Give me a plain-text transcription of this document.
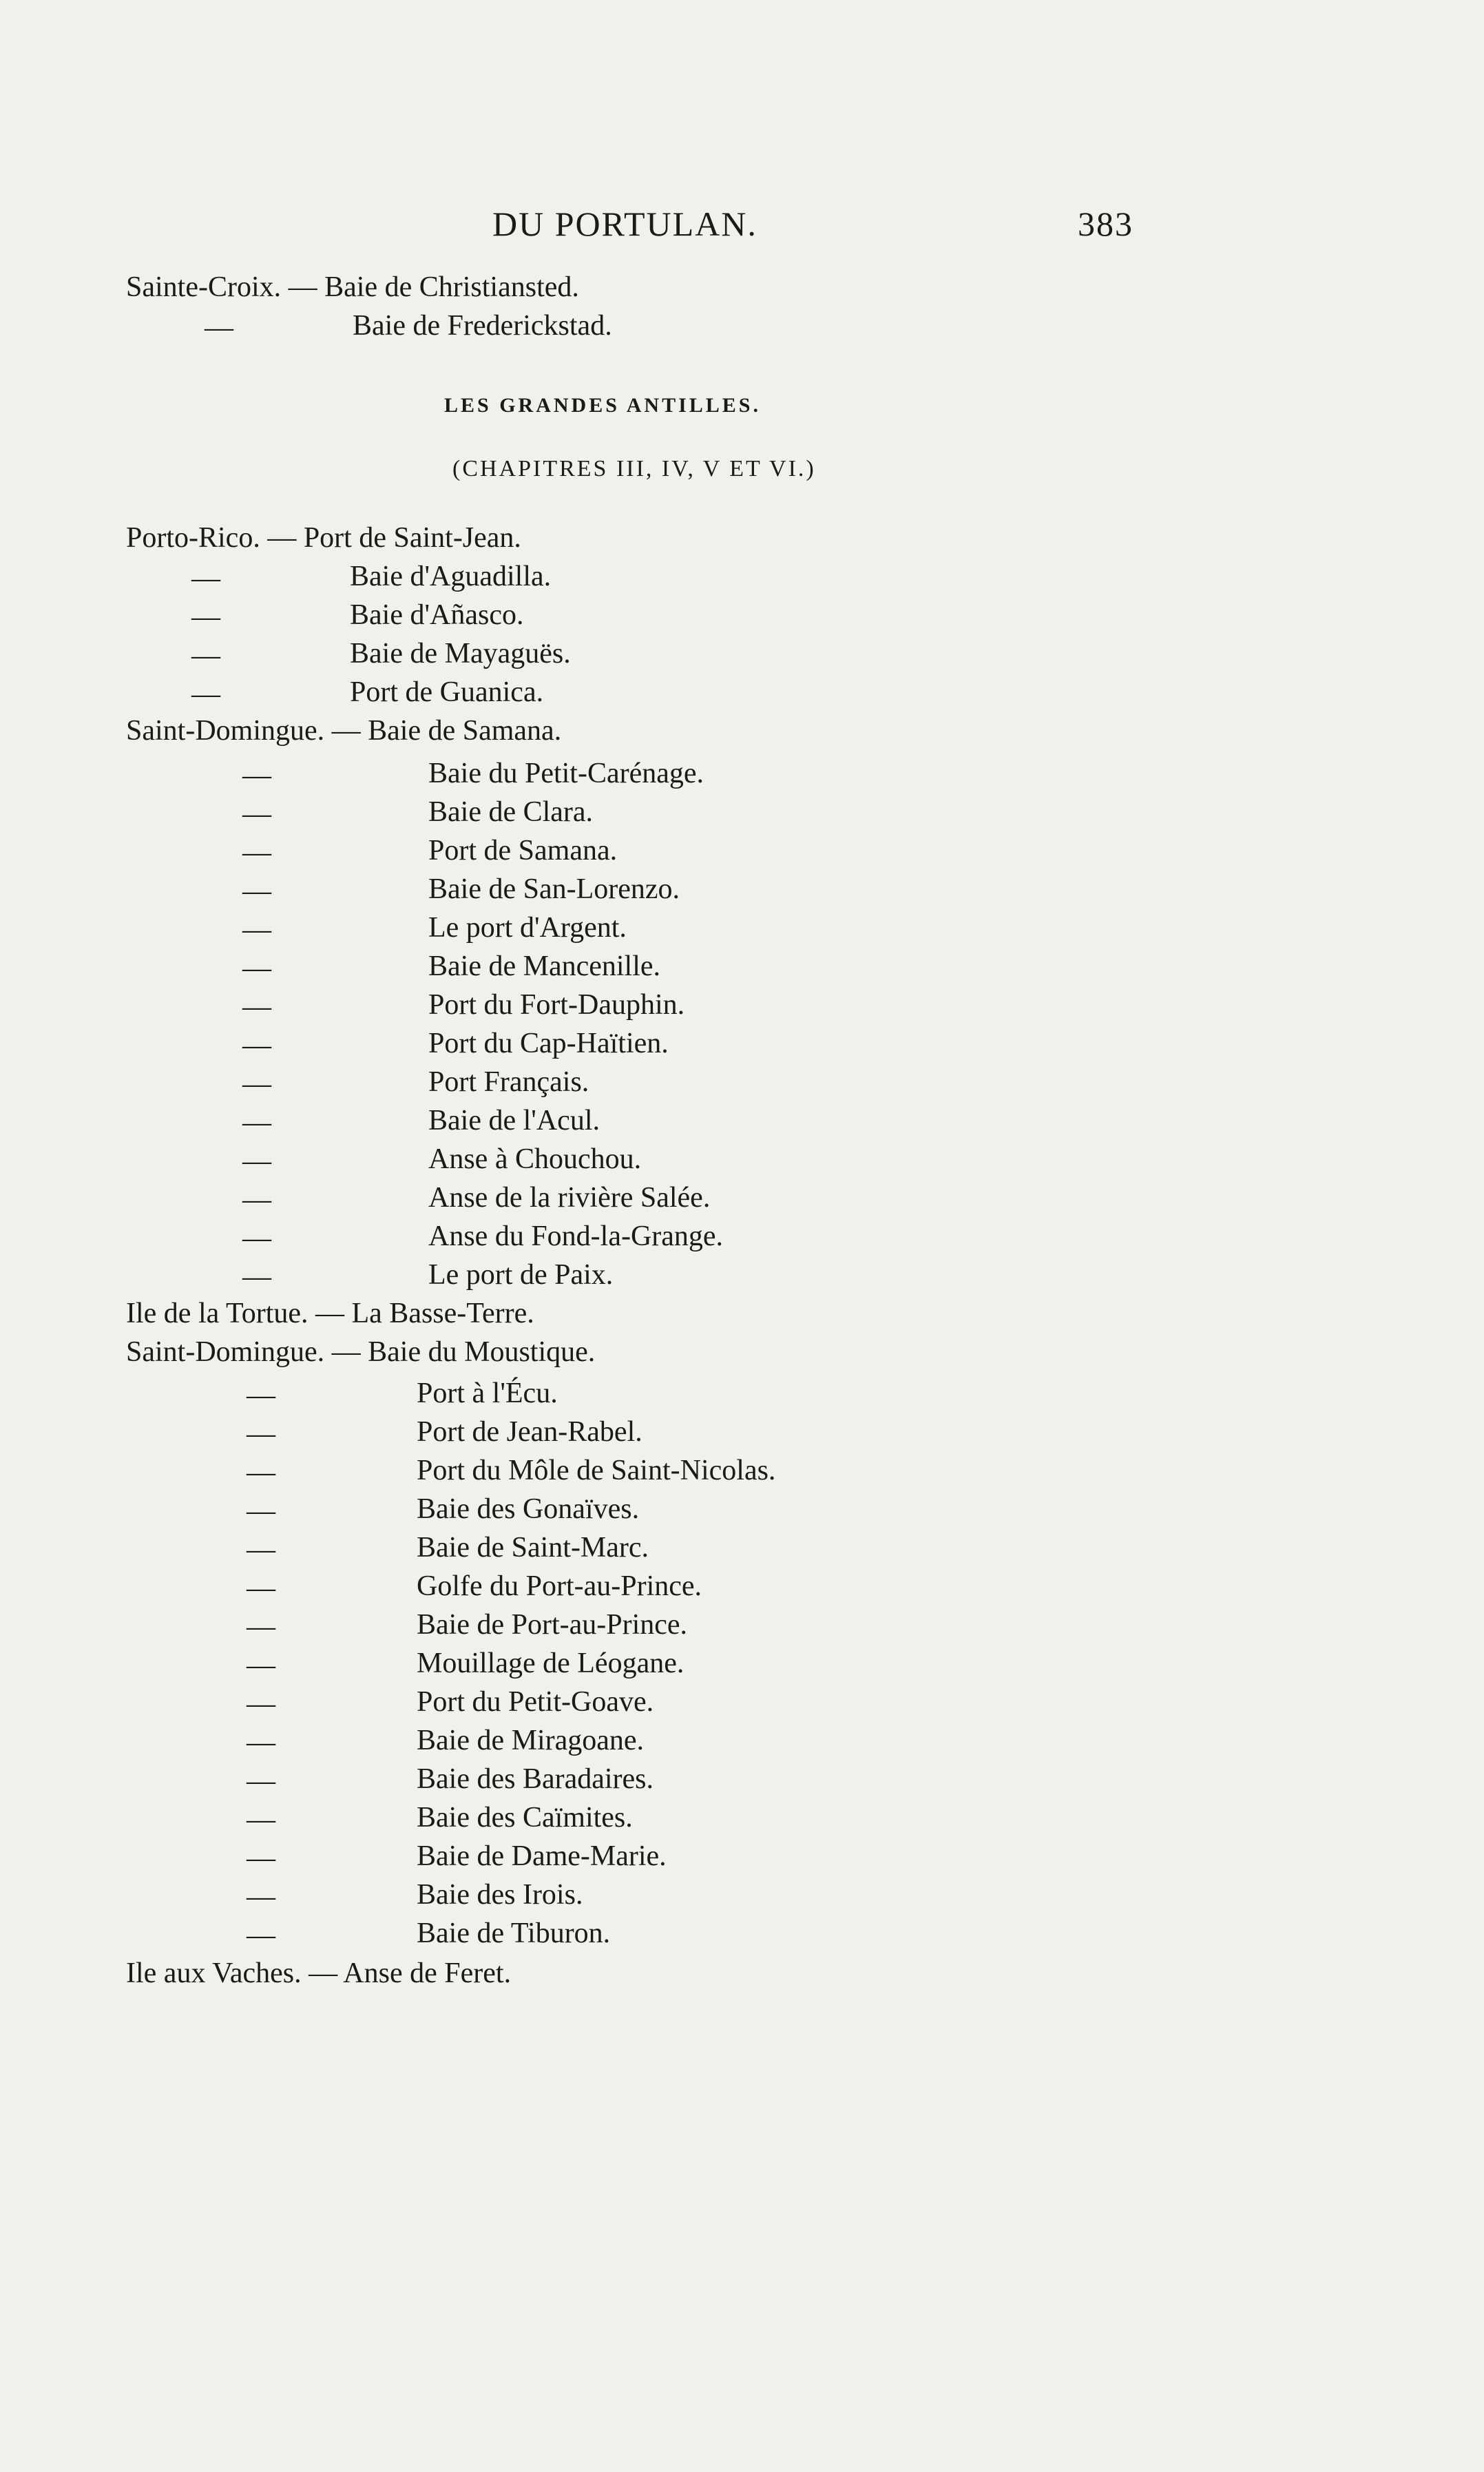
DU PORTULAN.	383
Sainte-Croix. — Baie de Christiansted.
—	Baie de Frederickstad.
LES GRANDES ANTILLES.
(CHAPITRES III, IV, V ET VI.)
Porto-Rico. — Port de Saint-Jean.
—	Baie d'Aguadilla.
—	Baie d'Añasco.
—	Baie de Mayaguës.
—	Port de Guanica.
Saint-Domingue. — Baie de Samana.
—	Baie du Petit-Carénage.
—	Baie de Clara.
—	Port de Samana.
—	Baie de San-Lorenzo.
—	Le port d'Argent.
—	Baie de Mancenille.
—	Port du Fort-Dauphin.
—	Port du Cap-Haïtien.
—	Port Français.
—	Baie de l'Acul.
—	Anse à Chouchou.
—	Anse de la rivière Salée.
—	Anse du Fond-la-Grange.
—	Le port de Paix.
Ile de la Tortue. — La Basse-Terre.
Saint-Domingue. — Baie du Moustique.
—	Port à l'Écu.
—	Port de Jean-Rabel.
—	Port du Môle de Saint-Nicolas.
—	Baie des Gonaïves.
—	Baie de Saint-Marc.
—	Golfe du Port-au-Prince.
—	Baie de Port-au-Prince.
—	Mouillage de Léogane.
—	Port du Petit-Goave.
—	Baie de Miragoane.
—	Baie des Baradaires.
—	Baie des Caïmites.
—	Baie de Dame-Marie.
—	Baie des Irois.
—	Baie de Tiburon.
Ile aux Vaches. — Anse de Feret.
